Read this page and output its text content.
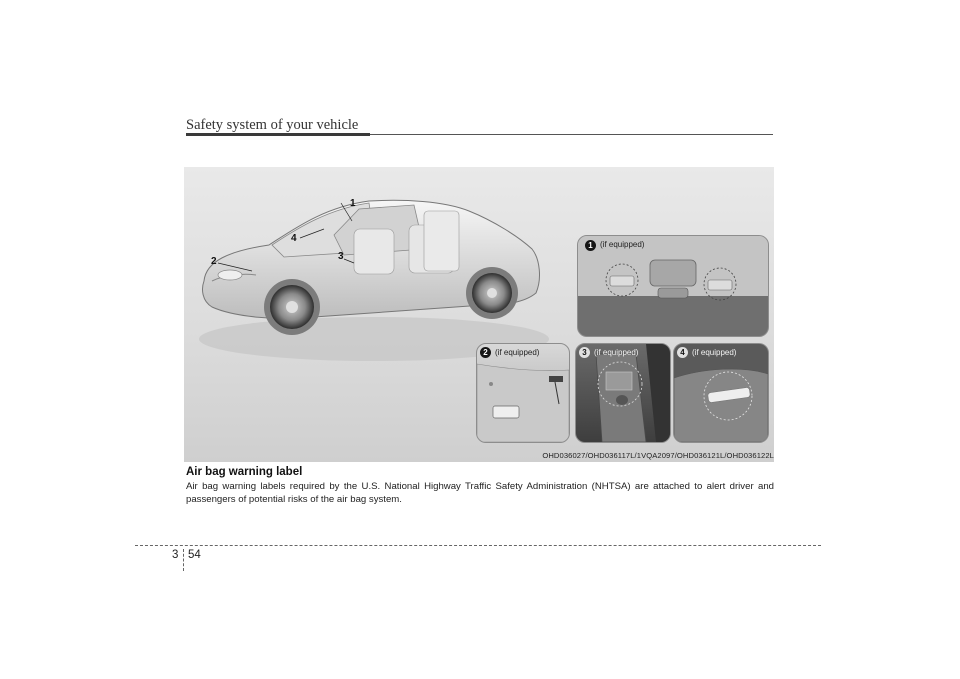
Safety system of your vehicle
1
2	3
4
1 (if equipped)
2 (if equipped)	3 (if equipped)	4 (if equipped)
OHD036027/OHD036117L/1VQA2097/OHD036121L/OHD036122L
Air bag warning label

Air bag warning labels required by the U.S. National Highway Traffic Safety Administration (NHTSA) are attached to alert driver and passengers of potential risks of the air bag system.

3 54
